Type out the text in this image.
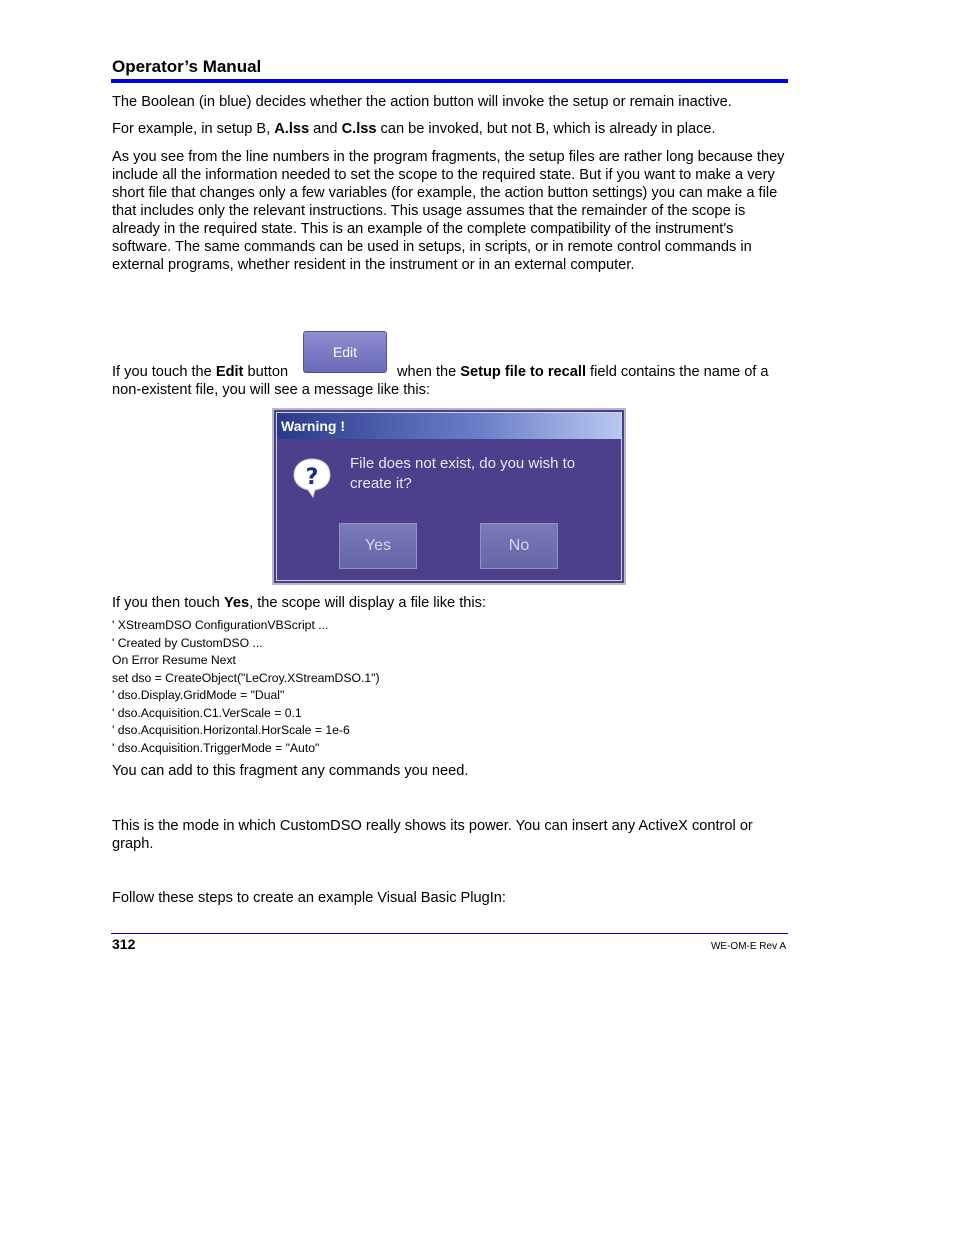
Operator’s Manual
The Boolean (in blue) decides whether the action button will invoke the setup or remain inactive.
For example, in setup B, A.lss and C.lss can be invoked, but not B, which is already in place.
As you see from the line numbers in the program fragments, the setup files are rather long because they include all the information needed to set the scope to the required state. But if you want to make a very short file that changes only a few variables (for example, the action button settings) you can make a file that includes only the relevant instructions. This usage assumes that the remainder of the scope is already in the required state. This is an example of the complete compatibility of the instrument's software. The same commands can be used in setups, in scripts, or in remote control commands in external programs, whether resident in the instrument or in an external computer.
Edit
If you touch the Edit button	when the Setup file to recall field contains the name of a
non-existent file, you will see a message like this:
Warning !
?
File does not exist, do you wish to
create it?
Yes	No
If you then touch Yes, the scope will display a file like this:
' XStreamDSO ConfigurationVBScript ...
' Created by CustomDSO ...
On Error Resume Next
set dso = CreateObject("LeCroy.XStreamDSO.1")
' dso.Display.GridMode = "Dual"
' dso.Acquisition.C1.VerScale = 0.1
' dso.Acquisition.Horizontal.HorScale = 1e-6
' dso.Acquisition.TriggerMode = "Auto"
You can add to this fragment any commands you need.
This is the mode in which CustomDSO really shows its power. You can insert any ActiveX control or graph.
Follow these steps to create an example Visual Basic PlugIn:
312	WE-OM-E Rev A
